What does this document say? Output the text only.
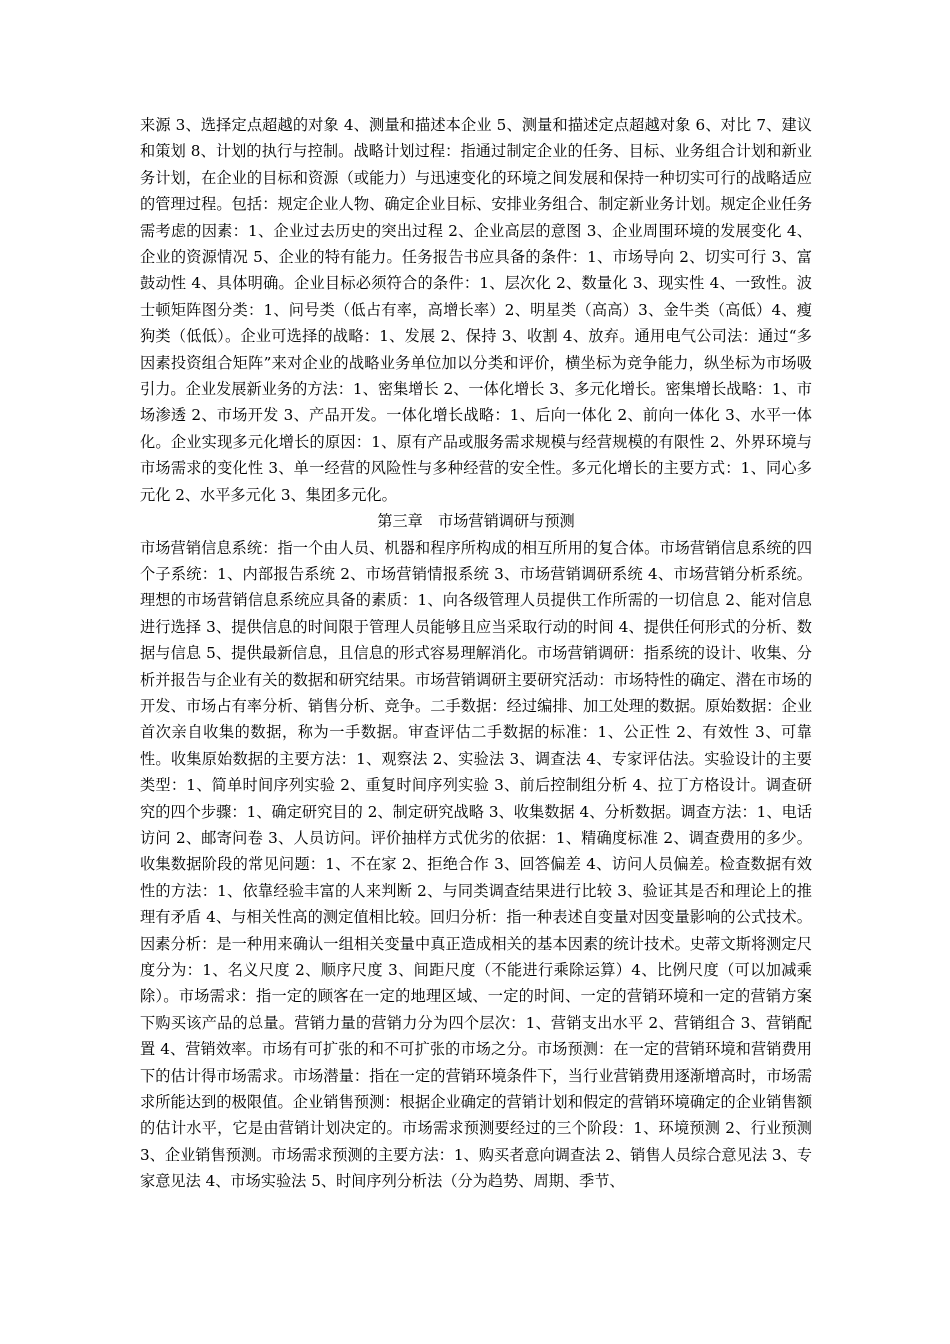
来源 3、选择定点超越的对象 4、测量和描述本企业 5、测量和描述定点超越对象 6、对比 7、建议和策划 8、计划的执行与控制。战略计划过程：指通过制定企业的任务、目标、业务组合计划和新业务计划，在企业的目标和资源（或能力）与迅速变化的环境之间发展和保持一种切实可行的战略适应的管理过程。包括：规定企业人物、确定企业目标、安排业务组合、制定新业务计划。规定企业任务需考虑的因素：1、企业过去历史的突出过程 2、企业高层的意图 3、企业周围环境的发展变化 4、企业的资源情况 5、企业的特有能力。任务报告书应具备的条件：1、市场导向 2、切实可行 3、富鼓动性 4、具体明确。企业目标必须符合的条件：1、层次化 2、数量化 3、现实性 4、一致性。波士顿矩阵图分类：1、问号类（低占有率，高增长率）2、明星类（高高）3、金牛类（高低）4、瘦狗类（低低）。企业可选择的战略：1、发展 2、保持 3、收割 4、放弃。通用电气公司法：通过“多因素投资组合矩阵”来对企业的战略业务单位加以分类和评价，横坐标为竞争能力，纵坐标为市场吸引力。企业发展新业务的方法：1、密集增长 2、一体化增长 3、多元化增长。密集增长战略：1、市场渗透 2、市场开发 3、产品开发。一体化增长战略：1、后向一体化 2、前向一体化 3、水平一体化。企业实现多元化增长的原因：1、原有产品或服务需求规模与经营规模的有限性 2、外界环境与市场需求的变化性 3、单一经营的风险性与多种经营的安全性。多元化增长的主要方式：1、同心多元化 2、水平多元化 3、集团多元化。

第三章　市场营销调研与预测

市场营销信息系统：指一个由人员、机器和程序所构成的相互所用的复合体。市场营销信息系统的四个子系统：1、内部报告系统 2、市场营销情报系统 3、市场营销调研系统 4、市场营销分析系统。理想的市场营销信息系统应具备的素质：1、向各级管理人员提供工作所需的一切信息 2、能对信息进行选择 3、提供信息的时间限于管理人员能够且应当采取行动的时间 4、提供任何形式的分析、数据与信息 5、提供最新信息，且信息的形式容易理解消化。市场营销调研：指系统的设计、收集、分析并报告与企业有关的数据和研究结果。市场营销调研主要研究活动：市场特性的确定、潜在市场的开发、市场占有率分析、销售分析、竞争。二手数据：经过编排、加工处理的数据。原始数据：企业首次亲自收集的数据，称为一手数据。审查评估二手数据的标准：1、公正性 2、有效性 3、可靠性。收集原始数据的主要方法：1、观察法 2、实验法 3、调查法 4、专家评估法。实验设计的主要类型：1、简单时间序列实验 2、重复时间序列实验 3、前后控制组分析 4、拉丁方格设计。调查研究的四个步骤：1、确定研究目的 2、制定研究战略 3、收集数据 4、分析数据。调查方法：1、电话访问 2、邮寄问卷 3、人员访问。评价抽样方式优劣的依据：1、精确度标准 2、调查费用的多少。收集数据阶段的常见问题：1、不在家 2、拒绝合作 3、回答偏差 4、访问人员偏差。检查数据有效性的方法：1、依靠经验丰富的人来判断 2、与同类调查结果进行比较 3、验证其是否和理论上的推理有矛盾 4、与相关性高的测定值相比较。回归分析：指一种表述自变量对因变量影响的公式技术。因素分析：是一种用来确认一组相关变量中真正造成相关的基本因素的统计技术。史蒂文斯将测定尺度分为：1、名义尺度 2、顺序尺度 3、间距尺度（不能进行乘除运算）4、比例尺度（可以加减乘除）。市场需求：指一定的顾客在一定的地理区域、一定的时间、一定的营销环境和一定的营销方案下购买该产品的总量。营销力量的营销力分为四个层次：1、营销支出水平 2、营销组合 3、营销配置 4、营销效率。市场有可扩张的和不可扩张的市场之分。市场预测：在一定的营销环境和营销费用下的估计得市场需求。市场潜量：指在一定的营销环境条件下，当行业营销费用逐渐增高时，市场需求所能达到的极限值。企业销售预测：根据企业确定的营销计划和假定的营销环境确定的企业销售额的估计水平，它是由营销计划决定的。市场需求预测要经过的三个阶段：1、环境预测 2、行业预测 3、企业销售预测。市场需求预测的主要方法：1、购买者意向调查法 2、销售人员综合意见法 3、专家意见法 4、市场实验法 5、时间序列分析法（分为趋势、周期、季节、
